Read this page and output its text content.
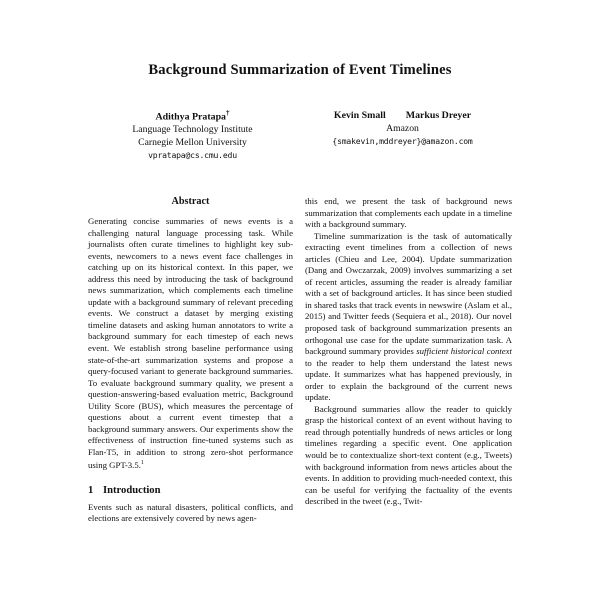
Background Summarization of Event Timelines
Adithya Pratapa†
Language Technology Institute
Carnegie Mellon University
vpratapa@cs.cmu.edu
Kevin Small Markus Dreyer
Amazon
{smakevin,mddreyer}@amazon.com
Abstract

Generating concise summaries of news events is a challenging natural language processing task. While journalists often curate timelines to highlight key sub-events, newcomers to a news event face challenges in catching up on its historical context. In this paper, we address this need by introducing the task of background news summarization, which complements each timeline update with a background summary of relevant preceding events. We construct a dataset by merging existing timeline datasets and asking human annotators to write a background summary for each timestep of each news event. We establish strong baseline performance using state-of-the-art summarization systems and propose a query-focused variant to generate background summaries. To evaluate background summary quality, we present a question-answering-based evaluation metric, Background Utility Score (BUS), which measures the percentage of questions about a current event timestep that a background summary answers. Our experiments show the effectiveness of instruction fine-tuned systems such as Flan-T5, in addition to strong zero-shot performance using GPT-3.5.$^1$

1 Introduction

Events such as natural disasters, political conflicts, and elections are extensively covered by news agen-

this end, we present the task of background news summarization that complements each update in a timeline with a background summary.

Timeline summarization is the task of automatically extracting event timelines from a collection of news articles (Chieu and Lee, 2004). Update summarization (Dang and Owczarzak, 2009) involves summarizing a set of recent articles, assuming the reader is already familiar with a set of background articles. It has since been studied in shared tasks that track events in newswire (Aslam et al., 2015) and Twitter feeds (Sequiera et al., 2018). Our novel proposed task of background summarization presents an orthogonal use case for the update summarization task. A background summary provides sufficient historical context to the reader to help them understand the latest news update. It summarizes what has happened previously, in order to explain the background of the current news update.

Background summaries allow the reader to quickly grasp the historical context of an event without having to read through potentially hundreds of news articles or long timelines regarding a specific event. One application would be to contextualize short-text content (e.g., Tweets) with background information from news articles about the events. In addition to providing much-needed context, this can be useful for verifying the factuality of the events described in the tweet (e.g., Twit-
